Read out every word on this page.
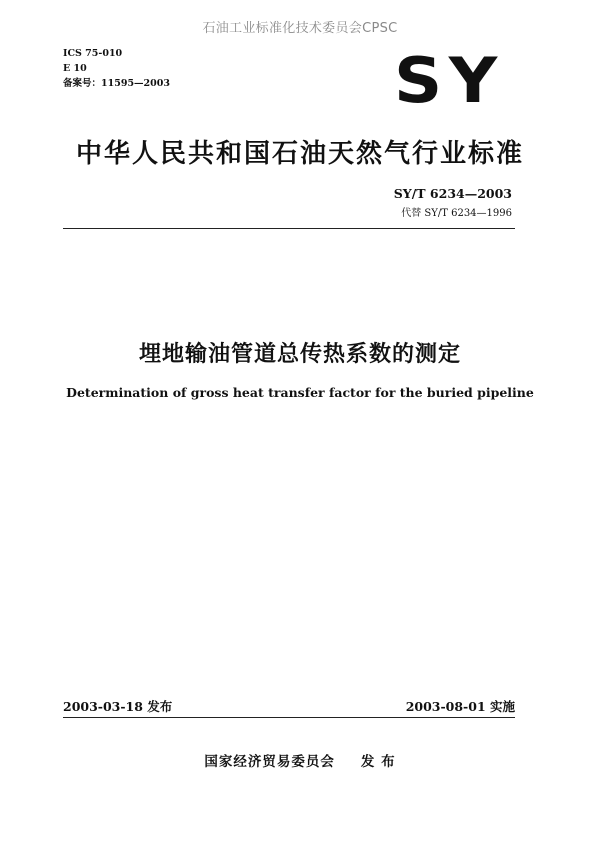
石油工业标准化技术委员会CPSC
ICS 75-010
E 10
备案号：11595—2003	SY
中华人民共和国石油天然气行业标准
SY/T 6234—2003
代替 SY/T 6234—1996
埋地输油管道总传热系数的测定
Determination of gross heat transfer factor for the buried pipeline
2003-03-18 发布	2003-08-01 实施
国家经济贸易委员会 发 布
